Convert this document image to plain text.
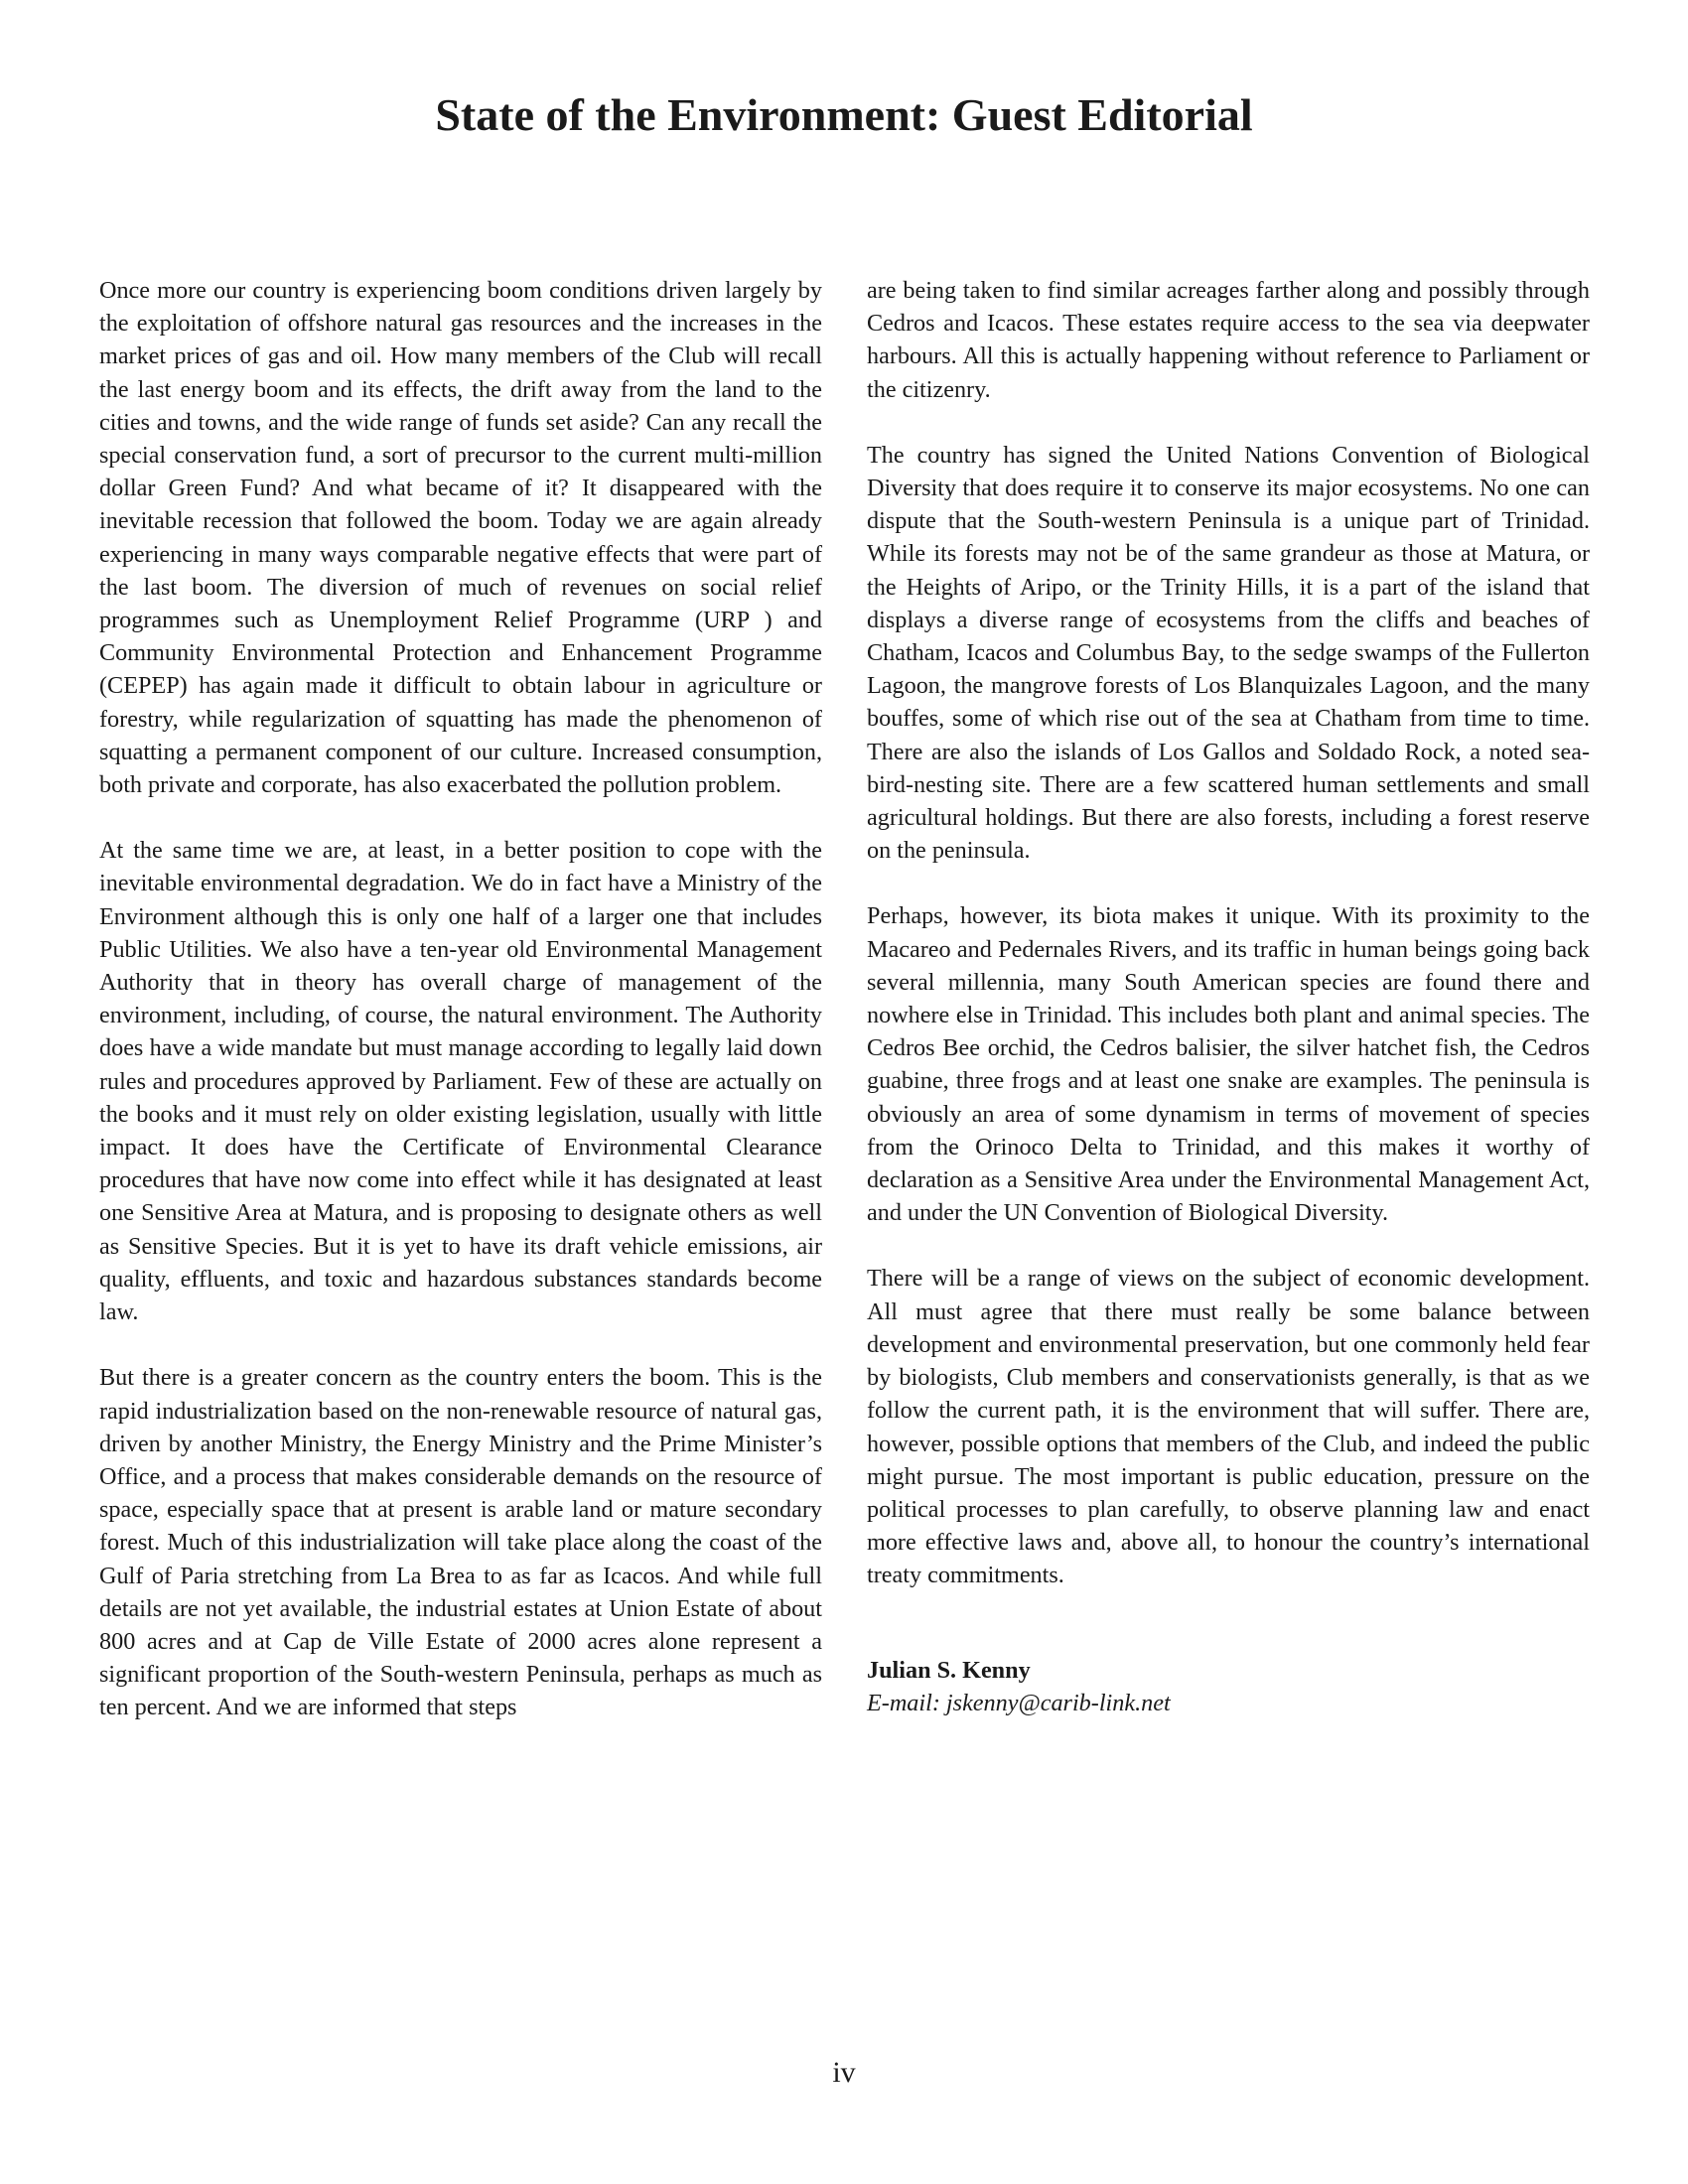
State of the Environment: Guest Editorial

Once more our country is experiencing boom conditions driven largely by the exploitation of offshore natural gas resources and the increases in the market prices of gas and oil. How many members of the Club will recall the last energy boom and its effects, the drift away from the land to the cities and towns, and the wide range of funds set aside? Can any recall the special conservation fund, a sort of precursor to the current multi-million dollar Green Fund? And what became of it? It disappeared with the inevitable recession that followed the boom. Today we are again already experiencing in many ways comparable negative effects that were part of the last boom. The diversion of much of revenues on social relief programmes such as Unemployment Relief Programme (URP ) and Community Environmental Protection and Enhancement Programme (CEPEP) has again made it difficult to obtain labour in agriculture or forestry, while regularization of squatting has made the phenomenon of squatting a permanent component of our culture. Increased consumption, both private and corporate, has also exacerbated the pollution problem.

At the same time we are, at least, in a better position to cope with the inevitable environmental degradation. We do in fact have a Ministry of the Environment although this is only one half of a larger one that includes Public Utilities. We also have a ten-year old Environmental Management Authority that in theory has overall charge of management of the environment, including, of course, the natural environment. The Authority does have a wide mandate but must manage according to legally laid down rules and procedures approved by Parliament. Few of these are actually on the books and it must rely on older existing legislation, usually with little impact. It does have the Certificate of Environmental Clearance procedures that have now come into effect while it has designated at least one Sensitive Area at Matura, and is proposing to designate others as well as Sensitive Species. But it is yet to have its draft vehicle emissions, air quality, effluents, and toxic and hazardous substances standards become law.

But there is a greater concern as the country enters the boom. This is the rapid industrialization based on the non-renewable resource of natural gas, driven by another Ministry, the Energy Ministry and the Prime Minister’s Office, and a process that makes considerable demands on the resource of space, especially space that at present is arable land or mature secondary forest. Much of this industrialization will take place along the coast of the Gulf of Paria stretching from La Brea to as far as Icacos. And while full details are not yet available, the industrial estates at Union Estate of about 800 acres and at Cap de Ville Estate of 2000 acres alone represent a significant proportion of the South-western Peninsula, perhaps as much as ten percent. And we are informed that steps

are being taken to find similar acreages farther along and possibly through Cedros and Icacos. These estates require access to the sea via deepwater harbours. All this is actually happening without reference to Parliament or the citizenry.

The country has signed the United Nations Convention of Biological Diversity that does require it to conserve its major ecosystems. No one can dispute that the South-western Peninsula is a unique part of Trinidad. While its forests may not be of the same grandeur as those at Matura, or the Heights of Aripo, or the Trinity Hills, it is a part of the island that displays a diverse range of ecosystems from the cliffs and beaches of Chatham, Icacos and Columbus Bay, to the sedge swamps of the Fullerton Lagoon, the mangrove forests of Los Blanquizales Lagoon, and the many bouffes, some of which rise out of the sea at Chatham from time to time. There are also the islands of Los Gallos and Soldado Rock, a noted seabird-nesting site. There are a few scattered human settlements and small agricultural holdings. But there are also forests, including a forest reserve on the peninsula.

Perhaps, however, its biota makes it unique. With its proximity to the Macareo and Pedernales Rivers, and its traffic in human beings going back several millennia, many South American species are found there and nowhere else in Trinidad. This includes both plant and animal species. The Cedros Bee orchid, the Cedros balisier, the silver hatchet fish, the Cedros guabine, three frogs and at least one snake are examples. The peninsula is obviously an area of some dynamism in terms of movement of species from the Orinoco Delta to Trinidad, and this makes it worthy of declaration as a Sensitive Area under the Environmental Management Act, and under the UN Convention of Biological Diversity.

There will be a range of views on the subject of economic development. All must agree that there must really be some balance between development and environmental preservation, but one commonly held fear by biologists, Club members and conservationists generally, is that as we follow the current path, it is the environment that will suffer. There are, however, possible options that members of the Club, and indeed the public might pursue. The most important is public education, pressure on the political processes to plan carefully, to observe planning law and enact more effective laws and, above all, to honour the country’s international treaty commitments.

Julian S. Kenny

E-mail: jskenny@carib-link.net

iv
